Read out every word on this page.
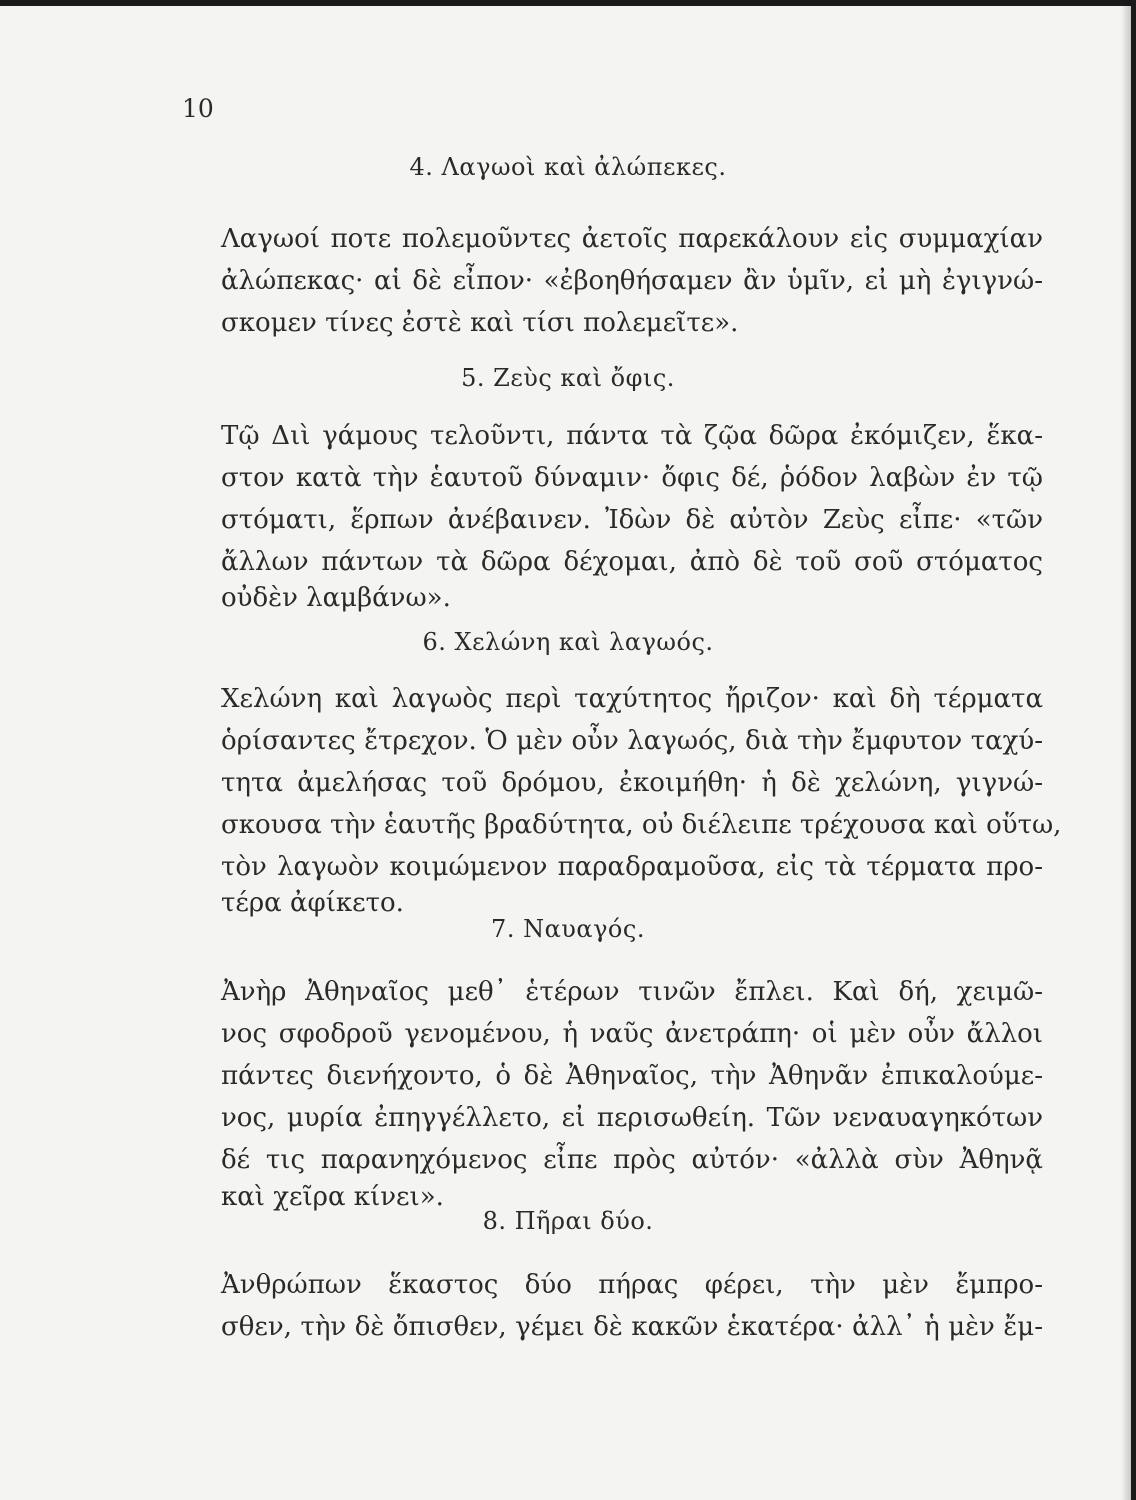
10
4. Λαγωοὶ καὶ ἀλώπεκες.
Λαγωοί ποτε πολεμοῦντες ἀετοῖς παρεκάλουν εἰς συμμαχίαν
ἀλώπεκας· αἱ δὲ εἶπον· «ἐβοηθήσαμεν ἂν ὑμῖν, εἰ μὴ ἐγιγνώ-
σκομεν τίνες ἐστὲ καὶ τίσι πολεμεῖτε».
5. Ζεὺς καὶ ὄφις.
Τῷ Διὶ γάμους τελοῦντι, πάντα τὰ ζῷα δῶρα ἐκόμιζεν, ἕκα-
στον κατὰ τὴν ἑαυτοῦ δύναμιν· ὄφις δέ, ῥόδον λαβὼν ἐν τῷ
στόματι, ἕρπων ἀνέβαινεν. Ἰδὼν δὲ αὐτὸν Ζεὺς εἶπε· «τῶν
ἄλλων πάντων τὰ δῶρα δέχομαι, ἀπὸ δὲ τοῦ σοῦ στόματος
οὐδὲν λαμβάνω».
6. Χελώνη καὶ λαγωός.
Χελώνη καὶ λαγωὸς περὶ ταχύτητος ἤριζον· καὶ δὴ τέρματα
ὁρίσαντες ἔτρεχον. Ὁ μὲν οὖν λαγωός, διὰ τὴν ἔμφυτον ταχύ-
τητα ἀμελήσας τοῦ δρόμου, ἐκοιμήθη· ἡ δὲ χελώνη, γιγνώ-
σκουσα τὴν ἑαυτῆς βραδύτητα, οὐ διέλειπε τρέχουσα καὶ οὕτω,
τὸν λαγωὸν κοιμώμενον παραδραμοῦσα, εἰς τὰ τέρματα προ-
τέρα ἀφίκετο.
7. Ναυαγός.
Ἀνὴρ Ἀθηναῖος μεθ᾽ ἑτέρων τινῶν ἔπλει. Καὶ δή, χειμῶ-
νος σφοδροῦ γενομένου, ἡ ναῦς ἀνετράπη· οἱ μὲν οὖν ἄλλοι
πάντες διενήχοντο, ὁ δὲ Ἀθηναῖος, τὴν Ἀθηνᾶν ἐπικαλούμε-
νος, μυρία ἐπηγγέλλετο, εἰ περισωθείη. Τῶν νεναυαγηκότων
δέ τις παρανηχόμενος εἶπε πρὸς αὐτόν· «ἀλλὰ σὺν Ἀθηνᾷ
καὶ χεῖρα κίνει».
8. Πῆραι δύο.
Ἀνθρώπων ἕκαστος δύο πήρας φέρει, τὴν μὲν ἔμπρο-
σθεν, τὴν δὲ ὄπισθεν, γέμει δὲ κακῶν ἑκατέρα· ἀλλ᾽ ἡ μὲν ἔμ-
